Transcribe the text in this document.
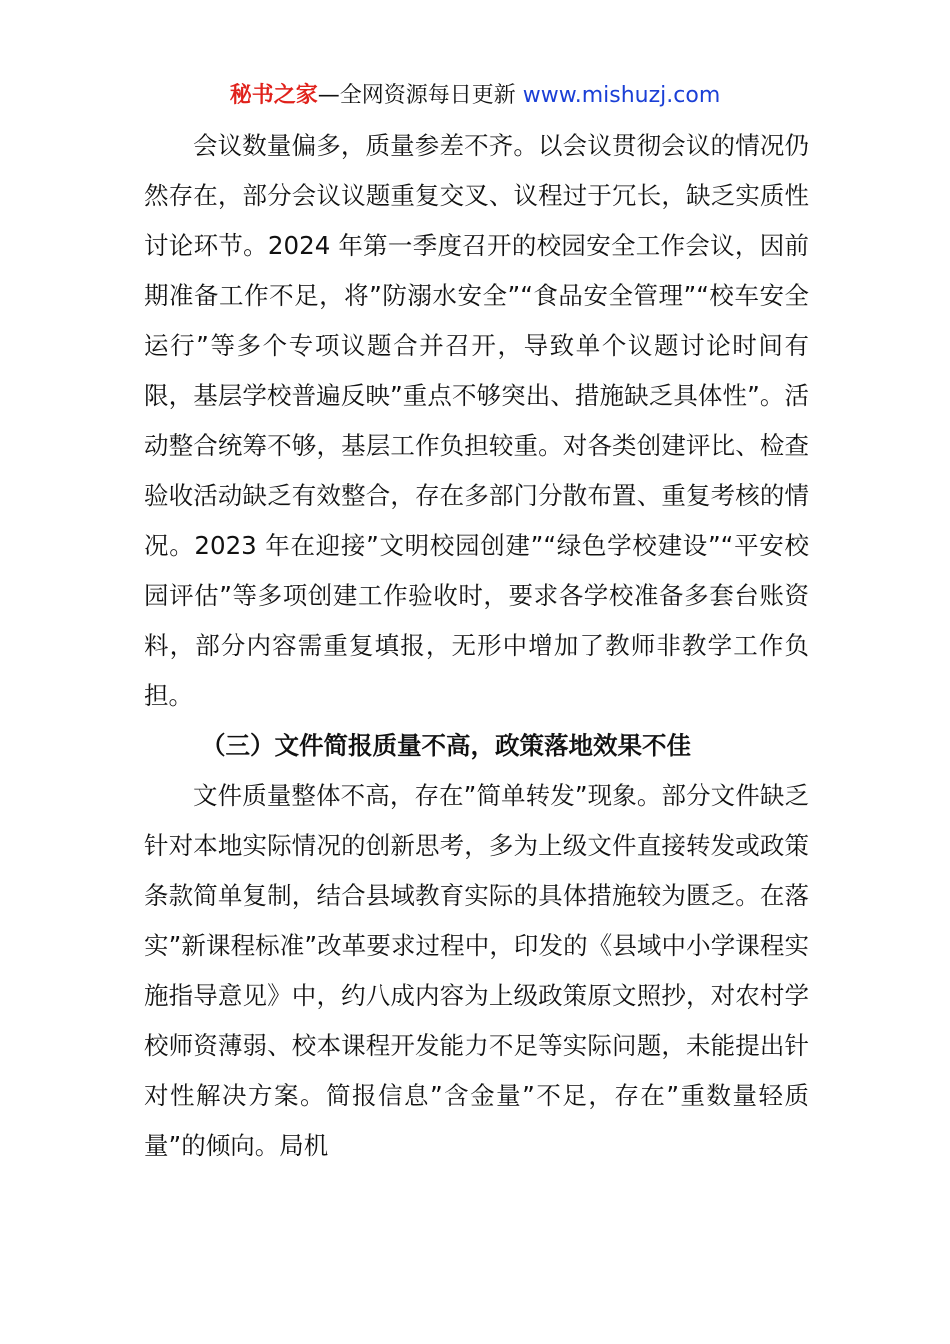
秘书之家—全网资源每日更新 www.mishuzj.com

会议数量偏多，质量参差不齐。以会议贯彻会议的情况仍然存在，部分会议议题重复交叉、议程过于冗长，缺乏实质性讨论环节。2024 年第一季度召开的校园安全工作会议，因前期准备工作不足，将”防溺水安全”“食品安全管理”“校车安全运行”等多个专项议题合并召开，导致单个议题讨论时间有限，基层学校普遍反映”重点不够突出、措施缺乏具体性”。活动整合统筹不够，基层工作负担较重。对各类创建评比、检查验收活动缺乏有效整合，存在多部门分散布置、重复考核的情况。2023 年在迎接”文明校园创建”“绿色学校建设”“平安校园评估”等多项创建工作验收时，要求各学校准备多套台账资料，部分内容需重复填报，无形中增加了教师非教学工作负担。

（三）文件简报质量不高，政策落地效果不佳

文件质量整体不高，存在”简单转发”现象。部分文件缺乏针对本地实际情况的创新思考，多为上级文件直接转发或政策条款简单复制，结合县域教育实际的具体措施较为匮乏。在落实”新课程标准”改革要求过程中，印发的《县域中小学课程实施指导意见》中，约八成内容为上级政策原文照抄，对农村学校师资薄弱、校本课程开发能力不足等实际问题，未能提出针对性解决方案。简报信息”含金量”不足，存在”重数量轻质量”的倾向。局机
